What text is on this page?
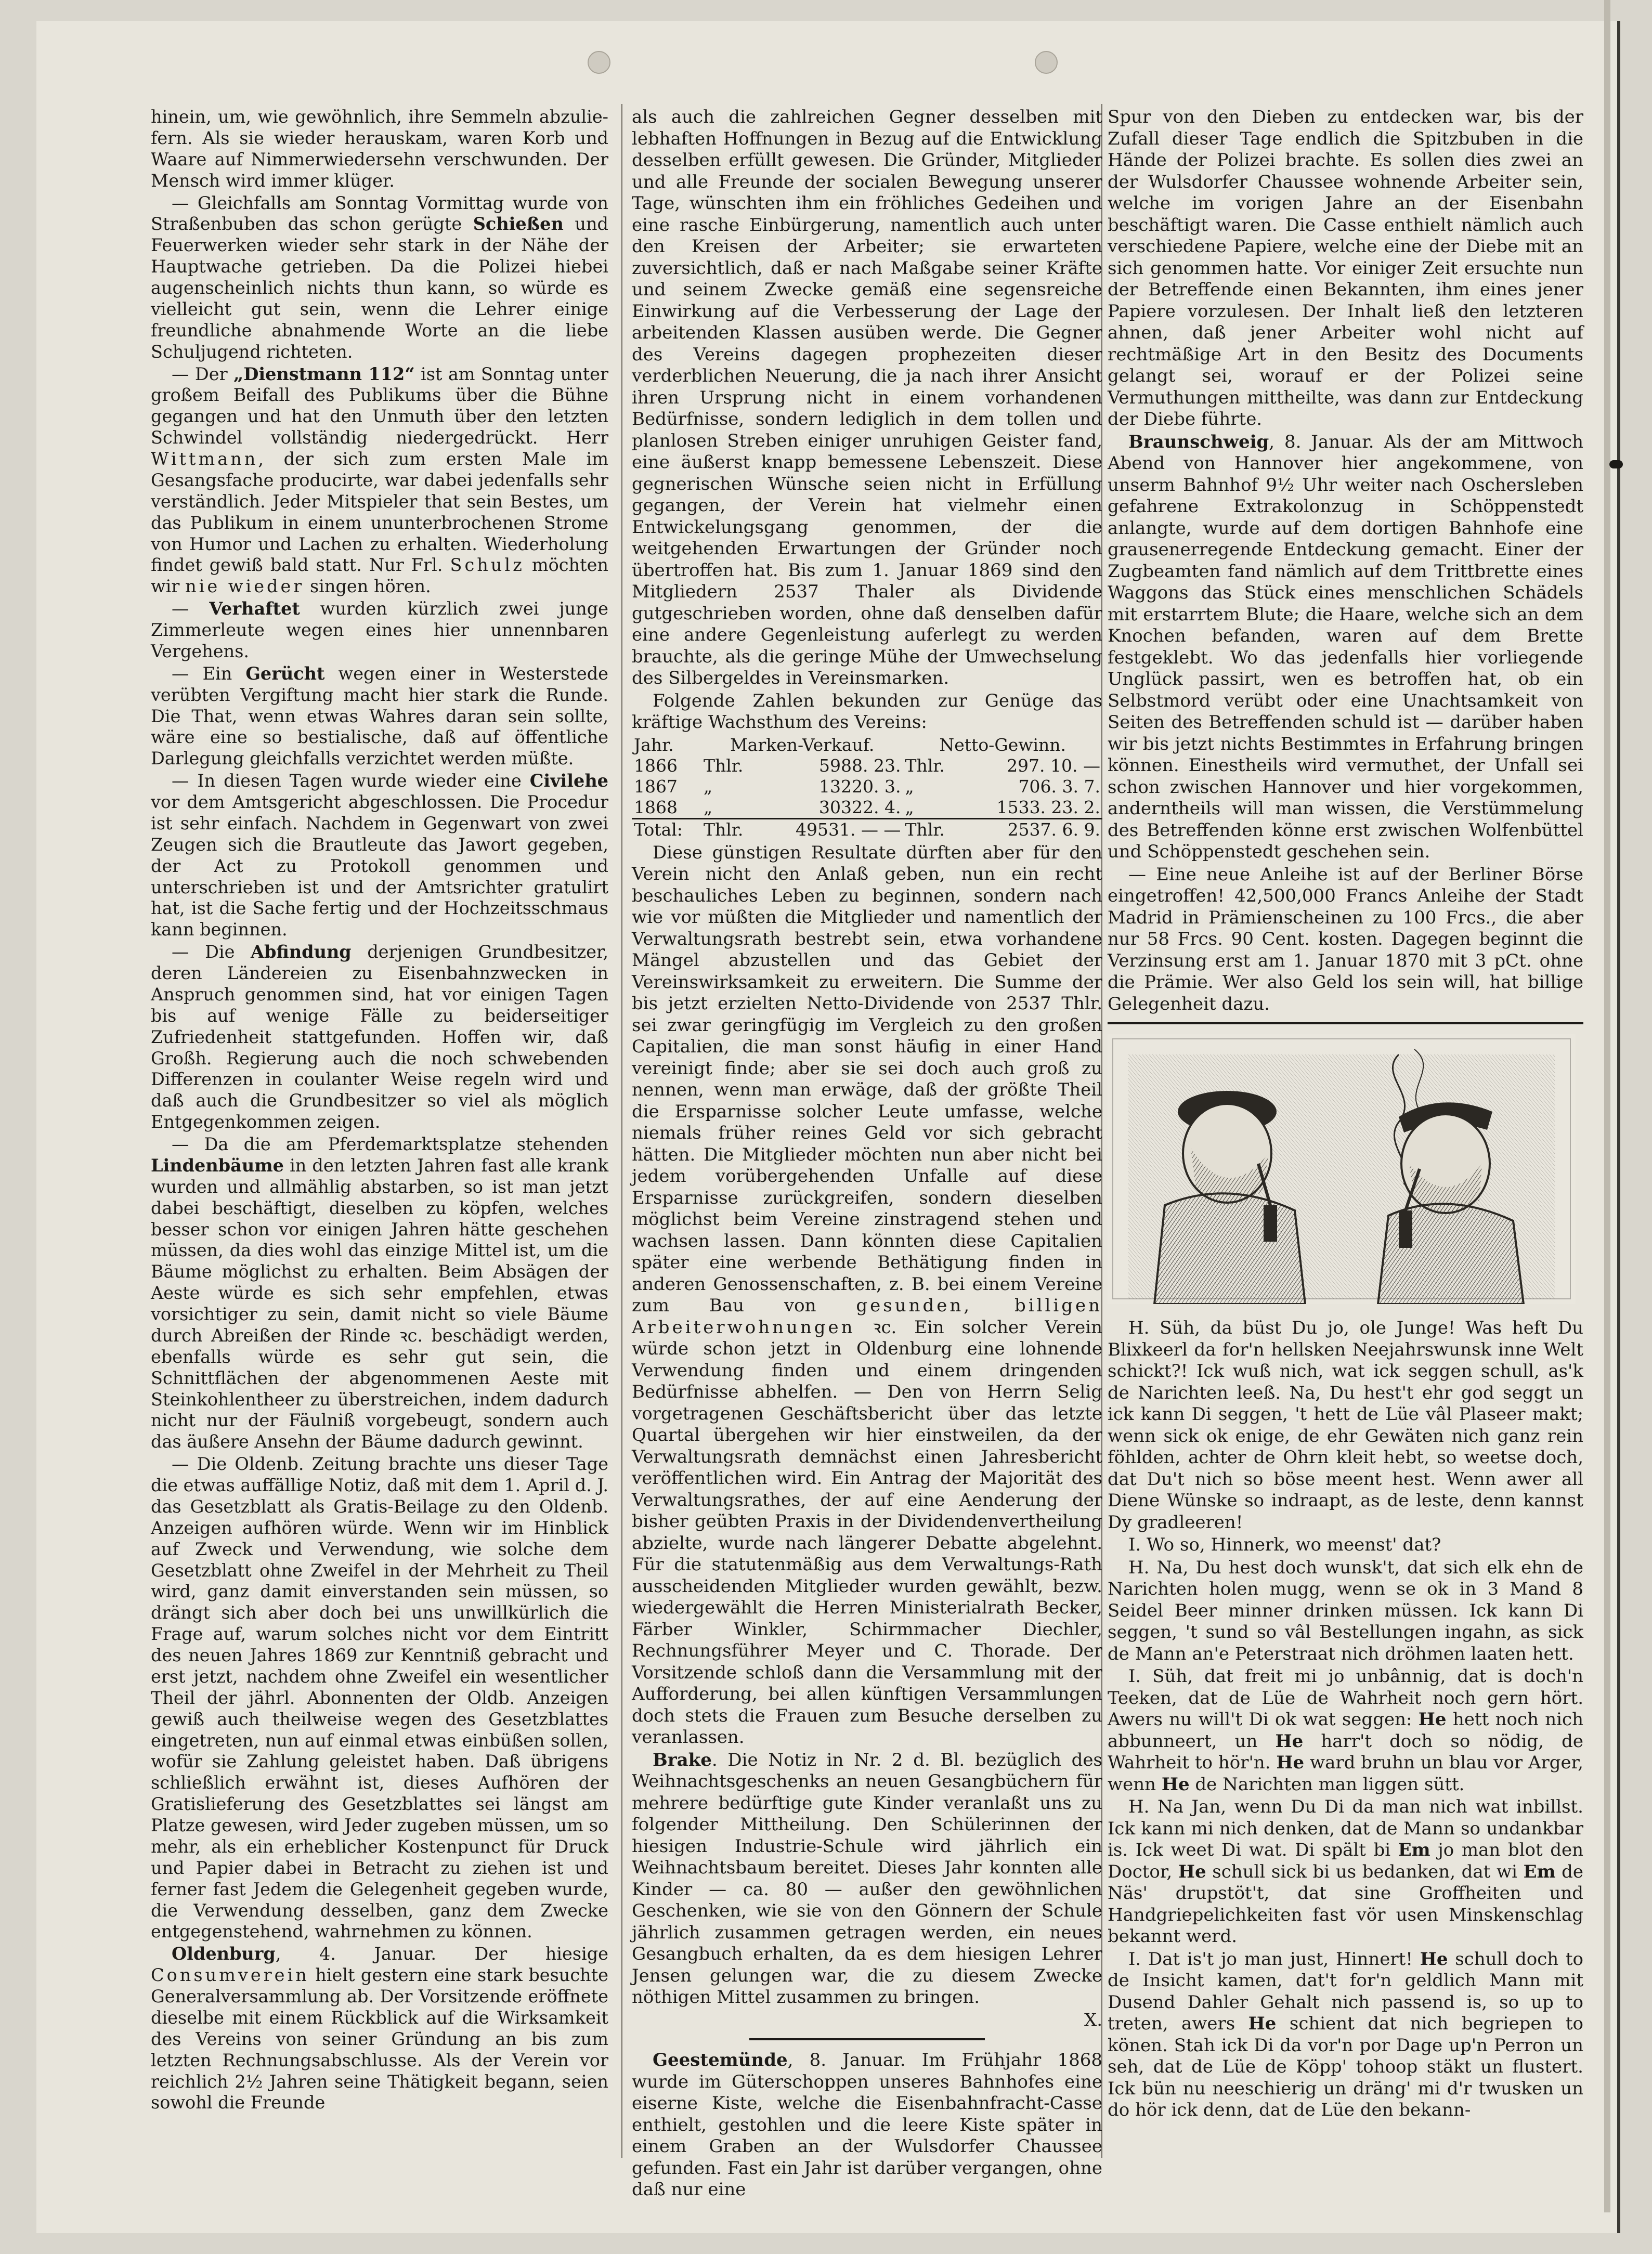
hinein, um, wie gewöhnlich, ihre Semmeln abzulie-fern. Als sie wieder herauskam, waren Korb und Waare auf Nimmerwiedersehn verschwunden. Der Mensch wird immer klüger.

— Gleichfalls am Sonntag Vormittag wurde von Straßenbuben das schon gerügte Schießen und Feuerwerken wieder sehr stark in der Nähe der Hauptwache getrieben. Da die Polizei hiebei augenscheinlich nichts thun kann, so würde es vielleicht gut sein, wenn die Lehrer einige freundliche abnahmende Worte an die liebe Schuljugend richteten.

— Der „Dienstmann 112“ ist am Sonntag unter großem Beifall des Publikums über die Bühne gegangen und hat den Unmuth über den letzten Schwindel vollständig niedergedrückt. Herr Wittmann, der sich zum ersten Male im Gesangsfache producirte, war dabei jedenfalls sehr verständlich. Jeder Mitspieler that sein Bestes, um das Publikum in einem ununterbrochenen Strome von Humor und Lachen zu erhalten. Wiederholung findet gewiß bald statt. Nur Frl. Schulz möchten wir nie wieder singen hören.

— Verhaftet wurden kürzlich zwei junge Zimmerleute wegen eines hier unnennbaren Vergehens.

— Ein Gerücht wegen einer in Westerstede verübten Vergiftung macht hier stark die Runde. Die That, wenn etwas Wahres daran sein sollte, wäre eine so bestialische, daß auf öffentliche Darlegung gleichfalls verzichtet werden müßte.

— In diesen Tagen wurde wieder eine Civilehe vor dem Amtsgericht abgeschlossen. Die Procedur ist sehr einfach. Nachdem in Gegenwart von zwei Zeugen sich die Brautleute das Jawort gegeben, der Act zu Protokoll genommen und unterschrieben ist und der Amtsrichter gratulirt hat, ist die Sache fertig und der Hochzeitsschmaus kann beginnen.

— Die Abfindung derjenigen Grundbesitzer, deren Ländereien zu Eisenbahnzwecken in Anspruch genommen sind, hat vor einigen Tagen bis auf wenige Fälle zu beiderseitiger Zufriedenheit stattgefunden. Hoffen wir, daß Großh. Regierung auch die noch schwebenden Differenzen in coulanter Weise regeln wird und daß auch die Grundbesitzer so viel als möglich Entgegenkommen zeigen.

— Da die am Pferdemarktsplatze stehenden Lindenbäume in den letzten Jahren fast alle krank wurden und allmählig abstarben, so ist man jetzt dabei beschäftigt, dieselben zu köpfen, welches besser schon vor einigen Jahren hätte geschehen müssen, da dies wohl das einzige Mittel ist, um die Bäume möglichst zu erhalten. Beim Absägen der Aeste würde es sich sehr empfehlen, etwas vorsichtiger zu sein, damit nicht so viele Bäume durch Abreißen der Rinde ꝛc. beschädigt werden, ebenfalls würde es sehr gut sein, die Schnittflächen der abgenommenen Aeste mit Steinkohlentheer zu überstreichen, indem dadurch nicht nur der Fäulniß vorgebeugt, sondern auch das äußere Ansehn der Bäume dadurch gewinnt.

— Die Oldenb. Zeitung brachte uns dieser Tage die etwas auffällige Notiz, daß mit dem 1. April d. J. das Gesetzblatt als Gratis-Beilage zu den Oldenb. Anzeigen aufhören würde. Wenn wir im Hinblick auf Zweck und Verwendung, wie solche dem Gesetzblatt ohne Zweifel in der Mehrheit zu Theil wird, ganz damit einverstanden sein müssen, so drängt sich aber doch bei uns unwillkürlich die Frage auf, warum solches nicht vor dem Eintritt des neuen Jahres 1869 zur Kenntniß gebracht und erst jetzt, nachdem ohne Zweifel ein wesentlicher Theil der jährl. Abonnenten der Oldb. Anzeigen gewiß auch theilweise wegen des Gesetzblattes eingetreten, nun auf einmal etwas einbüßen sollen, wofür sie Zahlung geleistet haben. Daß übrigens schließlich erwähnt ist, dieses Aufhören der Gratislieferung des Gesetzblattes sei längst am Platze gewesen, wird Jeder zugeben müssen, um so mehr, als ein erheblicher Kostenpunct für Druck und Papier dabei in Betracht zu ziehen ist und ferner fast Jedem die Gelegenheit gegeben wurde, die Verwendung desselben, ganz dem Zwecke entgegenstehend, wahrnehmen zu können.

Oldenburg, 4. Januar. Der hiesige Consumverein hielt gestern eine stark besuchte Generalversammlung ab. Der Vorsitzende eröffnete dieselbe mit einem Rückblick auf die Wirksamkeit des Vereins von seiner Gründung an bis zum letzten Rechnungsabschlusse. Als der Verein vor reichlich 2½ Jahren seine Thätigkeit begann, seien sowohl die Freunde

als auch die zahlreichen Gegner desselben mit lebhaften Hoffnungen in Bezug auf die Entwicklung desselben erfüllt gewesen. Die Gründer, Mitglieder und alle Freunde der socialen Bewegung unserer Tage, wünschten ihm ein fröhliches Gedeihen und eine rasche Einbürgerung, namentlich auch unter den Kreisen der Arbeiter; sie erwarteten zuversichtlich, daß er nach Maßgabe seiner Kräfte und seinem Zwecke gemäß eine segensreiche Einwirkung auf die Verbesserung der Lage der arbeitenden Klassen ausüben werde. Die Gegner des Vereins dagegen prophezeiten dieser verderblichen Neuerung, die ja nach ihrer Ansicht ihren Ursprung nicht in einem vorhandenen Bedürfnisse, sondern lediglich in dem tollen und planlosen Streben einiger unruhigen Geister fand, eine äußerst knapp bemessene Lebenszeit. Diese gegnerischen Wünsche seien nicht in Erfüllung gegangen, der Verein hat vielmehr einen Entwickelungsgang genommen, der die weitgehenden Erwartungen der Gründer noch übertroffen hat. Bis zum 1. Januar 1869 sind den Mitgliedern 2537 Thaler als Dividende gutgeschrieben worden, ohne daß denselben dafür eine andere Gegenleistung auferlegt zu werden brauchte, als die geringe Mühe der Umwechselung des Silbergeldes in Vereinsmarken.

Folgende Zahlen bekunden zur Genüge das kräftige Wachsthum des Vereins:

Jahr.	Marken-Verkauf.		Netto-Gewinn.	
1866	Thlr.	5988. 23.	Thlr.	297. 10. —
1867	„	13220. 3.	„	706. 3. 7.
1868	„	30322. 4.	„	1533. 23. 2.
Total:	Thlr.	49531. — —	Thlr.	2537. 6. 9.

Diese günstigen Resultate dürften aber für den Verein nicht den Anlaß geben, nun ein recht beschauliches Leben zu beginnen, sondern nach wie vor müßten die Mitglieder und namentlich der Verwaltungsrath bestrebt sein, etwa vorhandene Mängel abzustellen und das Gebiet der Vereinswirksamkeit zu erweitern. Die Summe der bis jetzt erzielten Netto-Dividende von 2537 Thlr. sei zwar geringfügig im Vergleich zu den großen Capitalien, die man sonst häufig in einer Hand vereinigt finde; aber sie sei doch auch groß zu nennen, wenn man erwäge, daß der größte Theil die Ersparnisse solcher Leute umfasse, welche niemals früher reines Geld vor sich gebracht hätten. Die Mitglieder möchten nun aber nicht bei jedem vorübergehenden Unfalle auf diese Ersparnisse zurückgreifen, sondern dieselben möglichst beim Vereine zinstragend stehen und wachsen lassen. Dann könnten diese Capitalien später eine werbende Bethätigung finden in anderen Genossenschaften, z. B. bei einem Vereine zum Bau von gesunden, billigen Arbeiterwohnungen ꝛc. Ein solcher Verein würde schon jetzt in Oldenburg eine lohnende Verwendung finden und einem dringenden Bedürfnisse abhelfen. — Den von Herrn Selig vorgetragenen Geschäftsbericht über das letzte Quartal übergehen wir hier einstweilen, da der Verwaltungsrath demnächst einen Jahresbericht veröffentlichen wird. Ein Antrag der Majorität des Verwaltungsrathes, der auf eine Aenderung der bisher geübten Praxis in der Dividendenvertheilung abzielte, wurde nach längerer Debatte abgelehnt. Für die statutenmäßig aus dem Verwaltungs-Rath ausscheidenden Mitglieder wurden gewählt, bezw. wiedergewählt die Herren Ministerialrath Becker, Färber Winkler, Schirmmacher Diechler, Rechnungsführer Meyer und C. Thorade. Der Vorsitzende schloß dann die Versammlung mit der Aufforderung, bei allen künftigen Versammlungen doch stets die Frauen zum Besuche derselben zu veranlassen.

Brake. Die Notiz in Nr. 2 d. Bl. bezüglich des Weihnachtsgeschenks an neuen Gesangbüchern für mehrere bedürftige gute Kinder veranlaßt uns zu folgender Mittheilung. Den Schülerinnen der hiesigen Industrie-Schule wird jährlich ein Weihnachtsbaum bereitet. Dieses Jahr konnten alle Kinder — ca. 80 — außer den gewöhnlichen Geschenken, wie sie von den Gönnern der Schule jährlich zusammen getragen werden, ein neues Gesangbuch erhalten, da es dem hiesigen Lehrer Jensen gelungen war, die zu diesem Zwecke nöthigen Mittel zusammen zu bringen.

X.

Geestemünde, 8. Januar. Im Frühjahr 1868 wurde im Güterschoppen unseres Bahnhofes eine eiserne Kiste, welche die Eisenbahnfracht-Casse enthielt, gestohlen und die leere Kiste später in einem Graben an der Wulsdorfer Chaussee gefunden. Fast ein Jahr ist darüber vergangen, ohne daß nur eine

Spur von den Dieben zu entdecken war, bis der Zufall dieser Tage endlich die Spitzbuben in die Hände der Polizei brachte. Es sollen dies zwei an der Wulsdorfer Chaussee wohnende Arbeiter sein, welche im vorigen Jahre an der Eisenbahn beschäftigt waren. Die Casse enthielt nämlich auch verschiedene Papiere, welche eine der Diebe mit an sich genommen hatte. Vor einiger Zeit ersuchte nun der Betreffende einen Bekannten, ihm eines jener Papiere vorzulesen. Der Inhalt ließ den letzteren ahnen, daß jener Arbeiter wohl nicht auf rechtmäßige Art in den Besitz des Documents gelangt sei, worauf er der Polizei seine Vermuthungen mittheilte, was dann zur Entdeckung der Diebe führte.

Braunschweig, 8. Januar. Als der am Mittwoch Abend von Hannover hier angekommene, von unserm Bahnhof 9½ Uhr weiter nach Oschersleben gefahrene Extrakolonzug in Schöppenstedt anlangte, wurde auf dem dortigen Bahnhofe eine grausenerregende Entdeckung gemacht. Einer der Zugbeamten fand nämlich auf dem Trittbrette eines Waggons das Stück eines menschlichen Schädels mit erstarrtem Blute; die Haare, welche sich an dem Knochen befanden, waren auf dem Brette festgeklebt. Wo das jedenfalls hier vorliegende Unglück passirt, wen es betroffen hat, ob ein Selbstmord verübt oder eine Unachtsamkeit von Seiten des Betreffenden schuld ist — darüber haben wir bis jetzt nichts Bestimmtes in Erfahrung bringen können. Einestheils wird vermuthet, der Unfall sei schon zwischen Hannover und hier vorgekommen, anderntheils will man wissen, die Verstümmelung des Betreffenden könne erst zwischen Wolfenbüttel und Schöppenstedt geschehen sein.

— Eine neue Anleihe ist auf der Berliner Börse eingetroffen! 42,500,000 Francs Anleihe der Stadt Madrid in Prämienscheinen zu 100 Frcs., die aber nur 58 Frcs. 90 Cent. kosten. Dagegen beginnt die Verzinsung erst am 1. Januar 1870 mit 3 pCt. ohne die Prämie. Wer also Geld los sein will, hat billige Gelegenheit dazu.

H. Süh, da büst Du jo, ole Junge! Was heft Du Blixkeerl da for'n hellsken Neejahrswunsk inne Welt schickt?! Ick wuß nich, wat ick seggen schull, as'k de Narichten leeß. Na, Du hest't ehr god seggt un ick kann Di seggen, 't hett de Lüe vâl Plaseer makt; wenn sick ok enige, de ehr Gewäten nich ganz rein föhlden, achter de Ohrn kleit hebt, so weetse doch, dat Du't nich so böse meent hest. Wenn awer all Diene Wünske so indraapt, as de leste, denn kannst Dy gradleeren!

I. Wo so, Hinnerk, wo meenst' dat?

H. Na, Du hest doch wunsk't, dat sich elk ehn de Narichten holen mugg, wenn se ok in 3 Mand 8 Seidel Beer minner drinken müssen. Ick kann Di seggen, 't sund so vâl Bestellungen ingahn, as sick de Mann an'e Peterstraat nich dröhmen laaten hett.

I. Süh, dat freit mi jo unbânnig, dat is doch'n Teeken, dat de Lüe de Wahrheit noch gern hört. Awers nu will't Di ok wat seggen: He hett noch nich abbunneert, un He harr't doch so nödig, de Wahrheit to hör'n. He ward bruhn un blau vor Arger, wenn He de Narichten man liggen sütt.

H. Na Jan, wenn Du Di da man nich wat inbillst. Ick kann mi nich denken, dat de Mann so undankbar is. Ick weet Di wat. Di spält bi Em jo man blot den Doctor, He schull sick bi us bedanken, dat wi Em de Näs' drupstöt't, dat sine Groffheiten und Handgriepelichkeiten fast vör usen Minskenschlag bekannt werd.

I. Dat is't jo man just, Hinnert! He schull doch to de Insicht kamen, dat't for'n geldlich Mann mit Dusend Dahler Gehalt nich passend is, so up to treten, awers He schient dat nich begriepen to könen. Stah ick Di da vor'n por Dage up'n Perron un seh, dat de Lüe de Köpp' tohoop stäkt un flustert. Ick bün nu neeschierig un dräng' mi d'r twusken un do hör ick denn, dat de Lüe den bekann-
